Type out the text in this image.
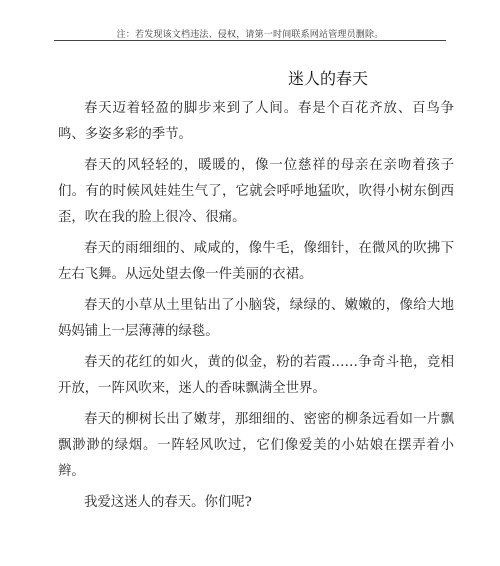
注：若发现该文档违法、侵权，请第一时间联系网站管理员删除。
迷人的春天

春天迈着轻盈的脚步来到了人间。春是个百花齐放、百鸟争鸣、多姿多彩的季节。

春天的风轻轻的，暖暖的，像一位慈祥的母亲在亲吻着孩子们。有的时候风娃娃生气了，它就会呼呼地猛吹，吹得小树东倒西歪，吹在我的脸上很冷、很痛。

春天的雨细细的、咸咸的，像牛毛，像细针，在微风的吹拂下左右飞舞。从远处望去像一件美丽的衣裙。

春天的小草从土里钻出了小脑袋，绿绿的、嫩嫩的，像给大地妈妈铺上一层薄薄的绿毯。

春天的花红的如火，黄的似金，粉的若霞……争奇斗艳，竞相开放，一阵风吹来，迷人的香味飘满全世界。

春天的柳树长出了嫩芽，那细细的、密密的柳条远看如一片飘飘渺渺的绿烟。一阵轻风吹过，它们像爱美的小姑娘在摆弄着小辫。

我爱这迷人的春天。你们呢?
